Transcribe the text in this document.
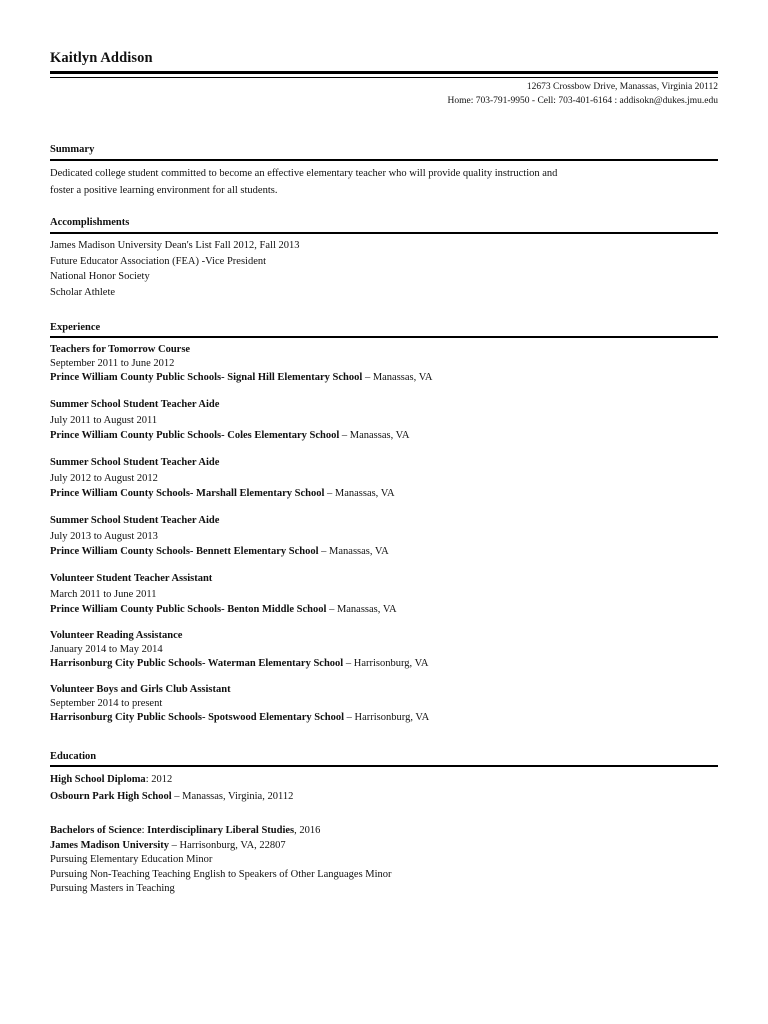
Kaitlyn Addison
12673 Crossbow Drive, Manassas, Virginia 20112
Home: 703-791-9950 - Cell: 703-401-6164 : addisokn@dukes.jmu.edu
Summary
Dedicated college student committed to become an effective elementary teacher who will provide quality instruction and
foster a positive learning environment for all students.
Accomplishments
James Madison University Dean's List Fall 2012, Fall 2013
Future Educator Association (FEA) -Vice President
National Honor Society
Scholar Athlete
Experience
Teachers for Tomorrow Course
September 2011 to June 2012
Prince William County Public Schools- Signal Hill Elementary School – Manassas, VA
Summer School Student Teacher Aide
July 2011 to August 2011
Prince William County Public Schools- Coles Elementary School – Manassas, VA
Summer School Student Teacher Aide
July 2012 to August 2012
Prince William County Schools- Marshall Elementary School – Manassas, VA
Summer School Student Teacher Aide
July 2013 to August 2013
Prince William County Schools- Bennett Elementary School – Manassas, VA
Volunteer Student Teacher Assistant
March 2011 to June 2011
Prince William County Public Schools- Benton Middle School – Manassas, VA
Volunteer Reading Assistance
January 2014 to May 2014
Harrisonburg City Public Schools- Waterman Elementary School – Harrisonburg, VA
Volunteer Boys and Girls Club Assistant
September 2014 to present
Harrisonburg City Public Schools- Spotswood Elementary School – Harrisonburg, VA
Education
High School Diploma: 2012
Osbourn Park High School – Manassas, Virginia, 20112
Bachelors of Science: Interdisciplinary Liberal Studies, 2016
James Madison University – Harrisonburg, VA, 22807
Pursuing Elementary Education Minor
Pursuing Non-Teaching Teaching English to Speakers of Other Languages Minor
Pursuing Masters in Teaching
